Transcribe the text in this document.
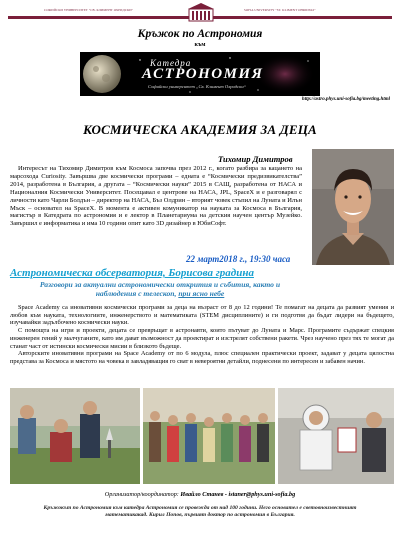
СОФИЙСКИ УНИВЕРСИТЕТ "СВ. КЛИМЕНТ ОХРИДСКИ"	SOFIA UNIVERSITY "ST. KLIMENT OHRIDSKI"
Кръжок по Астрономия
към
Катедра
АСТРОНОМИЯ
Софийски университет „Св. Климент Охридски“
http://astro.phys.uni-sofia.bg/meeting.html
КОСМИЧЕСКА АКАДЕМИЯ ЗА ДЕЦА
Тихомир Димитров

Интересът на Тихомир Димитров към Космоса започва през 2012 г., когато разбира за кацането на марсохода Curiosity. Завършва две космически програми – едната е “Космически предизвикателства” 2014, разработена в България, а другата – “Космически науки” 2015 в САЩ, разработена от НАСА и Националния Космически Университет. Посещавал е центрове на НАСА, JPL, SpaceX и е разговарял с личности като Чарли Болдън – директор на НАСА, Бъз Олдрин – вторият човек стъпил на Луната и Илън Мъск – основател на SpaceX. В момента е активен комуникатор на науката за Космоса в България, магистър в Катедрата по астрономия и е лектор в Планетариума на детския научен център Музейко. Завършил е информатика и има 10 години опит като 3D дизайнер в ЮбиСофт.

22 март2018 г., 19:30 часа
Астрономическа обсерватория, Борисова градина
Разговори за актуални астрономически открития и събития, както и наблюдения с телескоп, при ясно небе

Space Academy са иновативни космически програми за деца на възраст от 8 до 12 години! Те помагат на децата да развият умения и любов към науката, технологиите, инженерството и математиката (STEM дисциплините) и ги подготвя да бъдат лидери на бъдещето, изучавайки задълбочено космически науки.

С помощта на игри и проекти, децата се превръщат в астронавти, които пътуват до Луната и Марс. Програмите съдържат спецкия инженерен гений у малчуганите, като им дават възможност да проектират и изстрелят собствени ракети. Чрез научено през тях те могат да станат част от истински космически мисии в близкото бъдеще.

Авторските иновативни програми на Space Academy от по 6 модула, плюс специален практически проект, задават у децата цялостна представа за Космоса и мястото на човека в завладяващия го сват в невероятни детайли, поднесени по интересен и забавен начин.

Организатор/координатор: Ивайло Станев - istaner@phys.uni-sofia.bg
Кръжокът по Астрономия към катедра Астрономия се провежда от над 100 години. Него основател е световноизвестният математикакад. Кирил Попов, първият доктор по астрономия в България.
